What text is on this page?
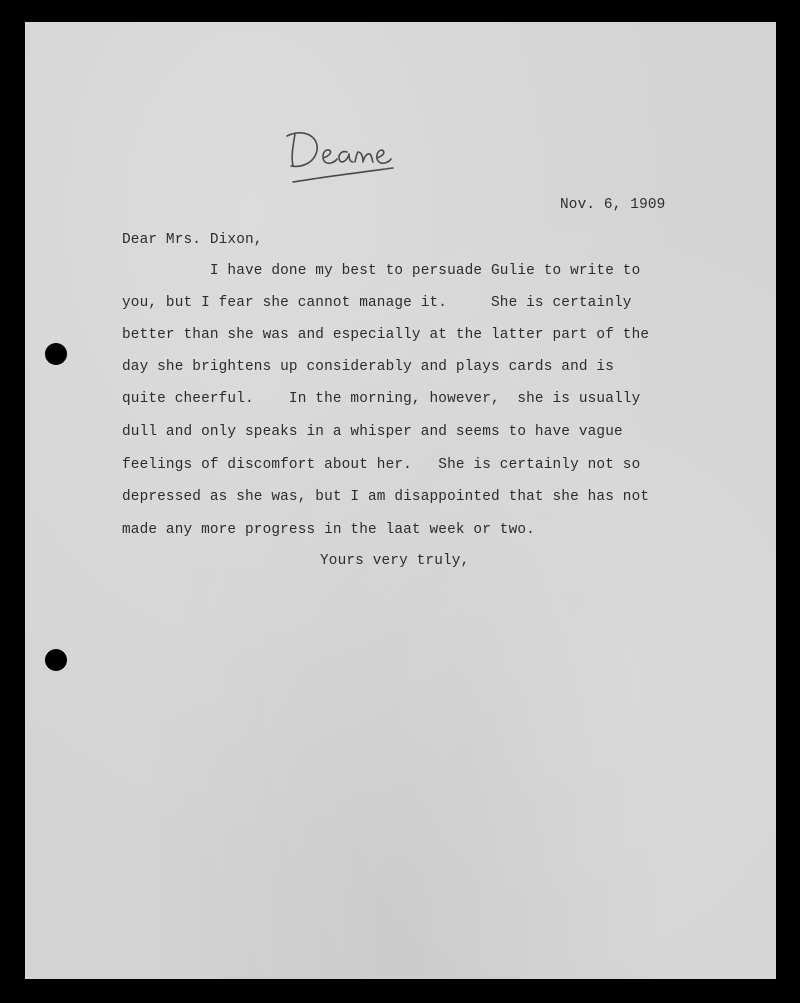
Nov. 6, 1909
Dear Mrs. Dixon,
I have done my best to persuade Gulie to write to
you, but I fear she cannot manage it.     She is certainly
better than she was and especially at the latter part of the
day she brightens up considerably and plays cards and is
quite cheerful.    In the morning, however,  she is usually
dull and only speaks in a whisper and seems to have vague
feelings of discomfort about her.   She is certainly not so
depressed as she was, but I am disappointed that she has not
made any more progress in the laat week or two.
Yours very truly,
